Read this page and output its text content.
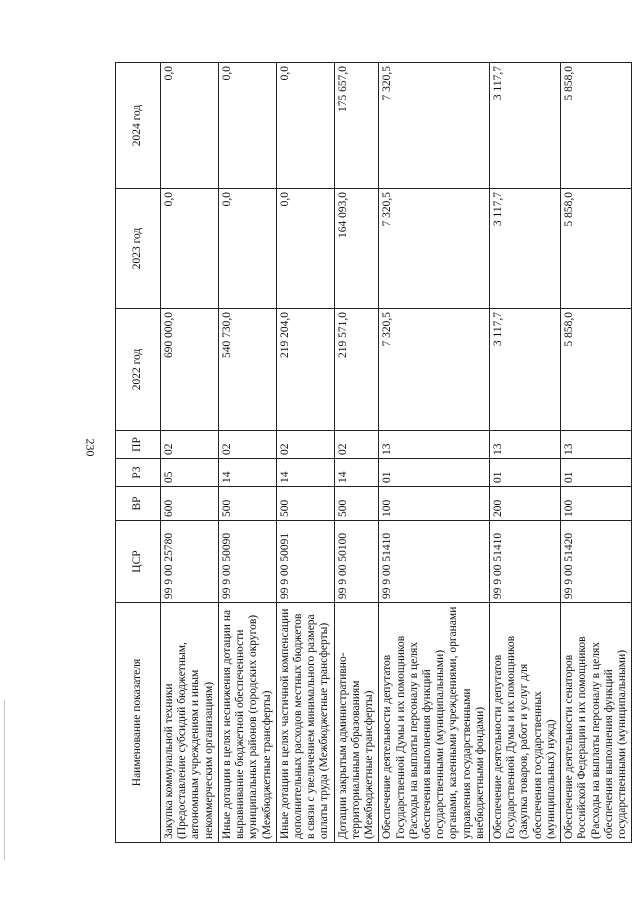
230
Наименование показателя	ЦСР	ВР	РЗ	ПР	2022 год	2023 год	2024 год
Закупка коммунальной техники (Предоставление субсидий бюджетным, автономным учреждениям и иным некоммерческим организациям)	99 9 00 25780	600	05	02	690 000,0	0,0	0,0
Иные дотации в целях неснижения дотации на выравнивание бюджетной обеспеченности муниципальных районов (городских округов) (Межбюджетные трансферты)	99 9 00 50090	500	14	02	540 730,0	0,0	0,0
Иные дотации в целях частичной компенсации дополнительных расходов местных бюджетов в связи с увеличением минимального размера оплаты труда (Межбюджетные трансферты)	99 9 00 50091	500	14	02	219 204,0	0,0	0,0
Дотации закрытым административно-территориальным образованиям (Межбюджетные трансферты)	99 9 00 50100	500	14	02	219 571,0	164 093,0	175 657,0
Обеспечение деятельности депутатов Государственной Думы и их помощников (Расходы на выплаты персоналу в целях обеспечения выполнения функций государственными (муниципальными) органами, казенными учреждениями, органами управления государственными внебюджетными фондами)	99 9 00 51410	100	01	13	7 320,5	7 320,5	7 320,5
Обеспечение деятельности депутатов Государственной Думы и их помощников (Закупка товаров, работ и услуг для обеспечения государственных (муниципальных) нужд)	99 9 00 51410	200	01	13	3 117,7	3 117,7	3 117,7
Обеспечение деятельности сенаторов Российской Федерации и их помощников (Расходы на выплаты персоналу в целях обеспечения выполнения функций государственными (муниципальными)	99 9 00 51420	100	01	13	5 858,0	5 858,0	5 858,0
